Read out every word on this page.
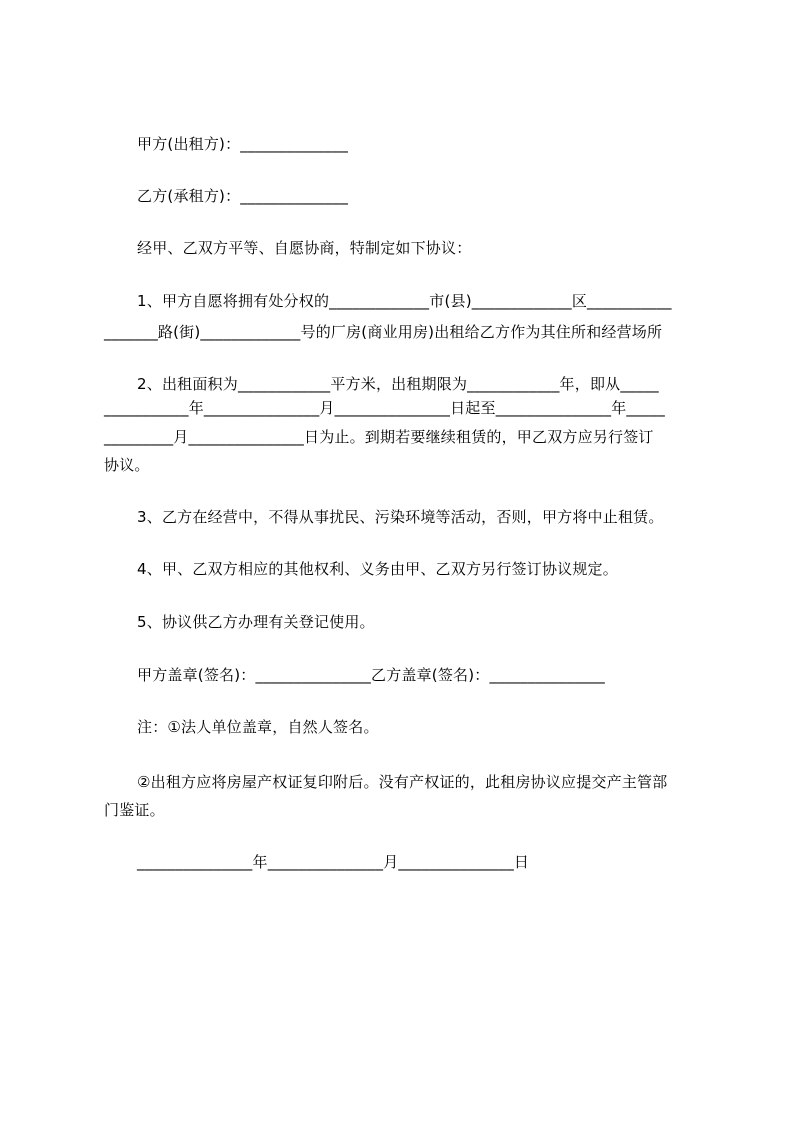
甲方(出租方)：______________
乙方(承租方)：______________
经甲、乙双方平等、自愿协商，特制定如下协议：
1、甲方自愿将拥有处分权的_____________市(县)_____________区___________
_______路(街)_____________号的厂房(商业用房)出租给乙方作为其住所和经营场所
2、出租面积为____________平方米，出租期限为____________年，即从_____
___________年_______________月_______________日起至_______________年_____
_________月_______________日为止。到期若要继续租赁的，甲乙双方应另行签订
协议。
3、乙方在经营中，不得从事扰民、污染环境等活动，否则，甲方将中止租赁。
4、甲、乙双方相应的其他权利、义务由甲、乙双方另行签订协议规定。
5、协议供乙方办理有关登记使用。
甲方盖章(签名)：_______________乙方盖章(签名)：_______________
注：①法人单位盖章，自然人签名。
②出租方应将房屋产权证复印附后。没有产权证的，此租房协议应提交产主管部
门鉴证。
_______________年_______________月_______________日
